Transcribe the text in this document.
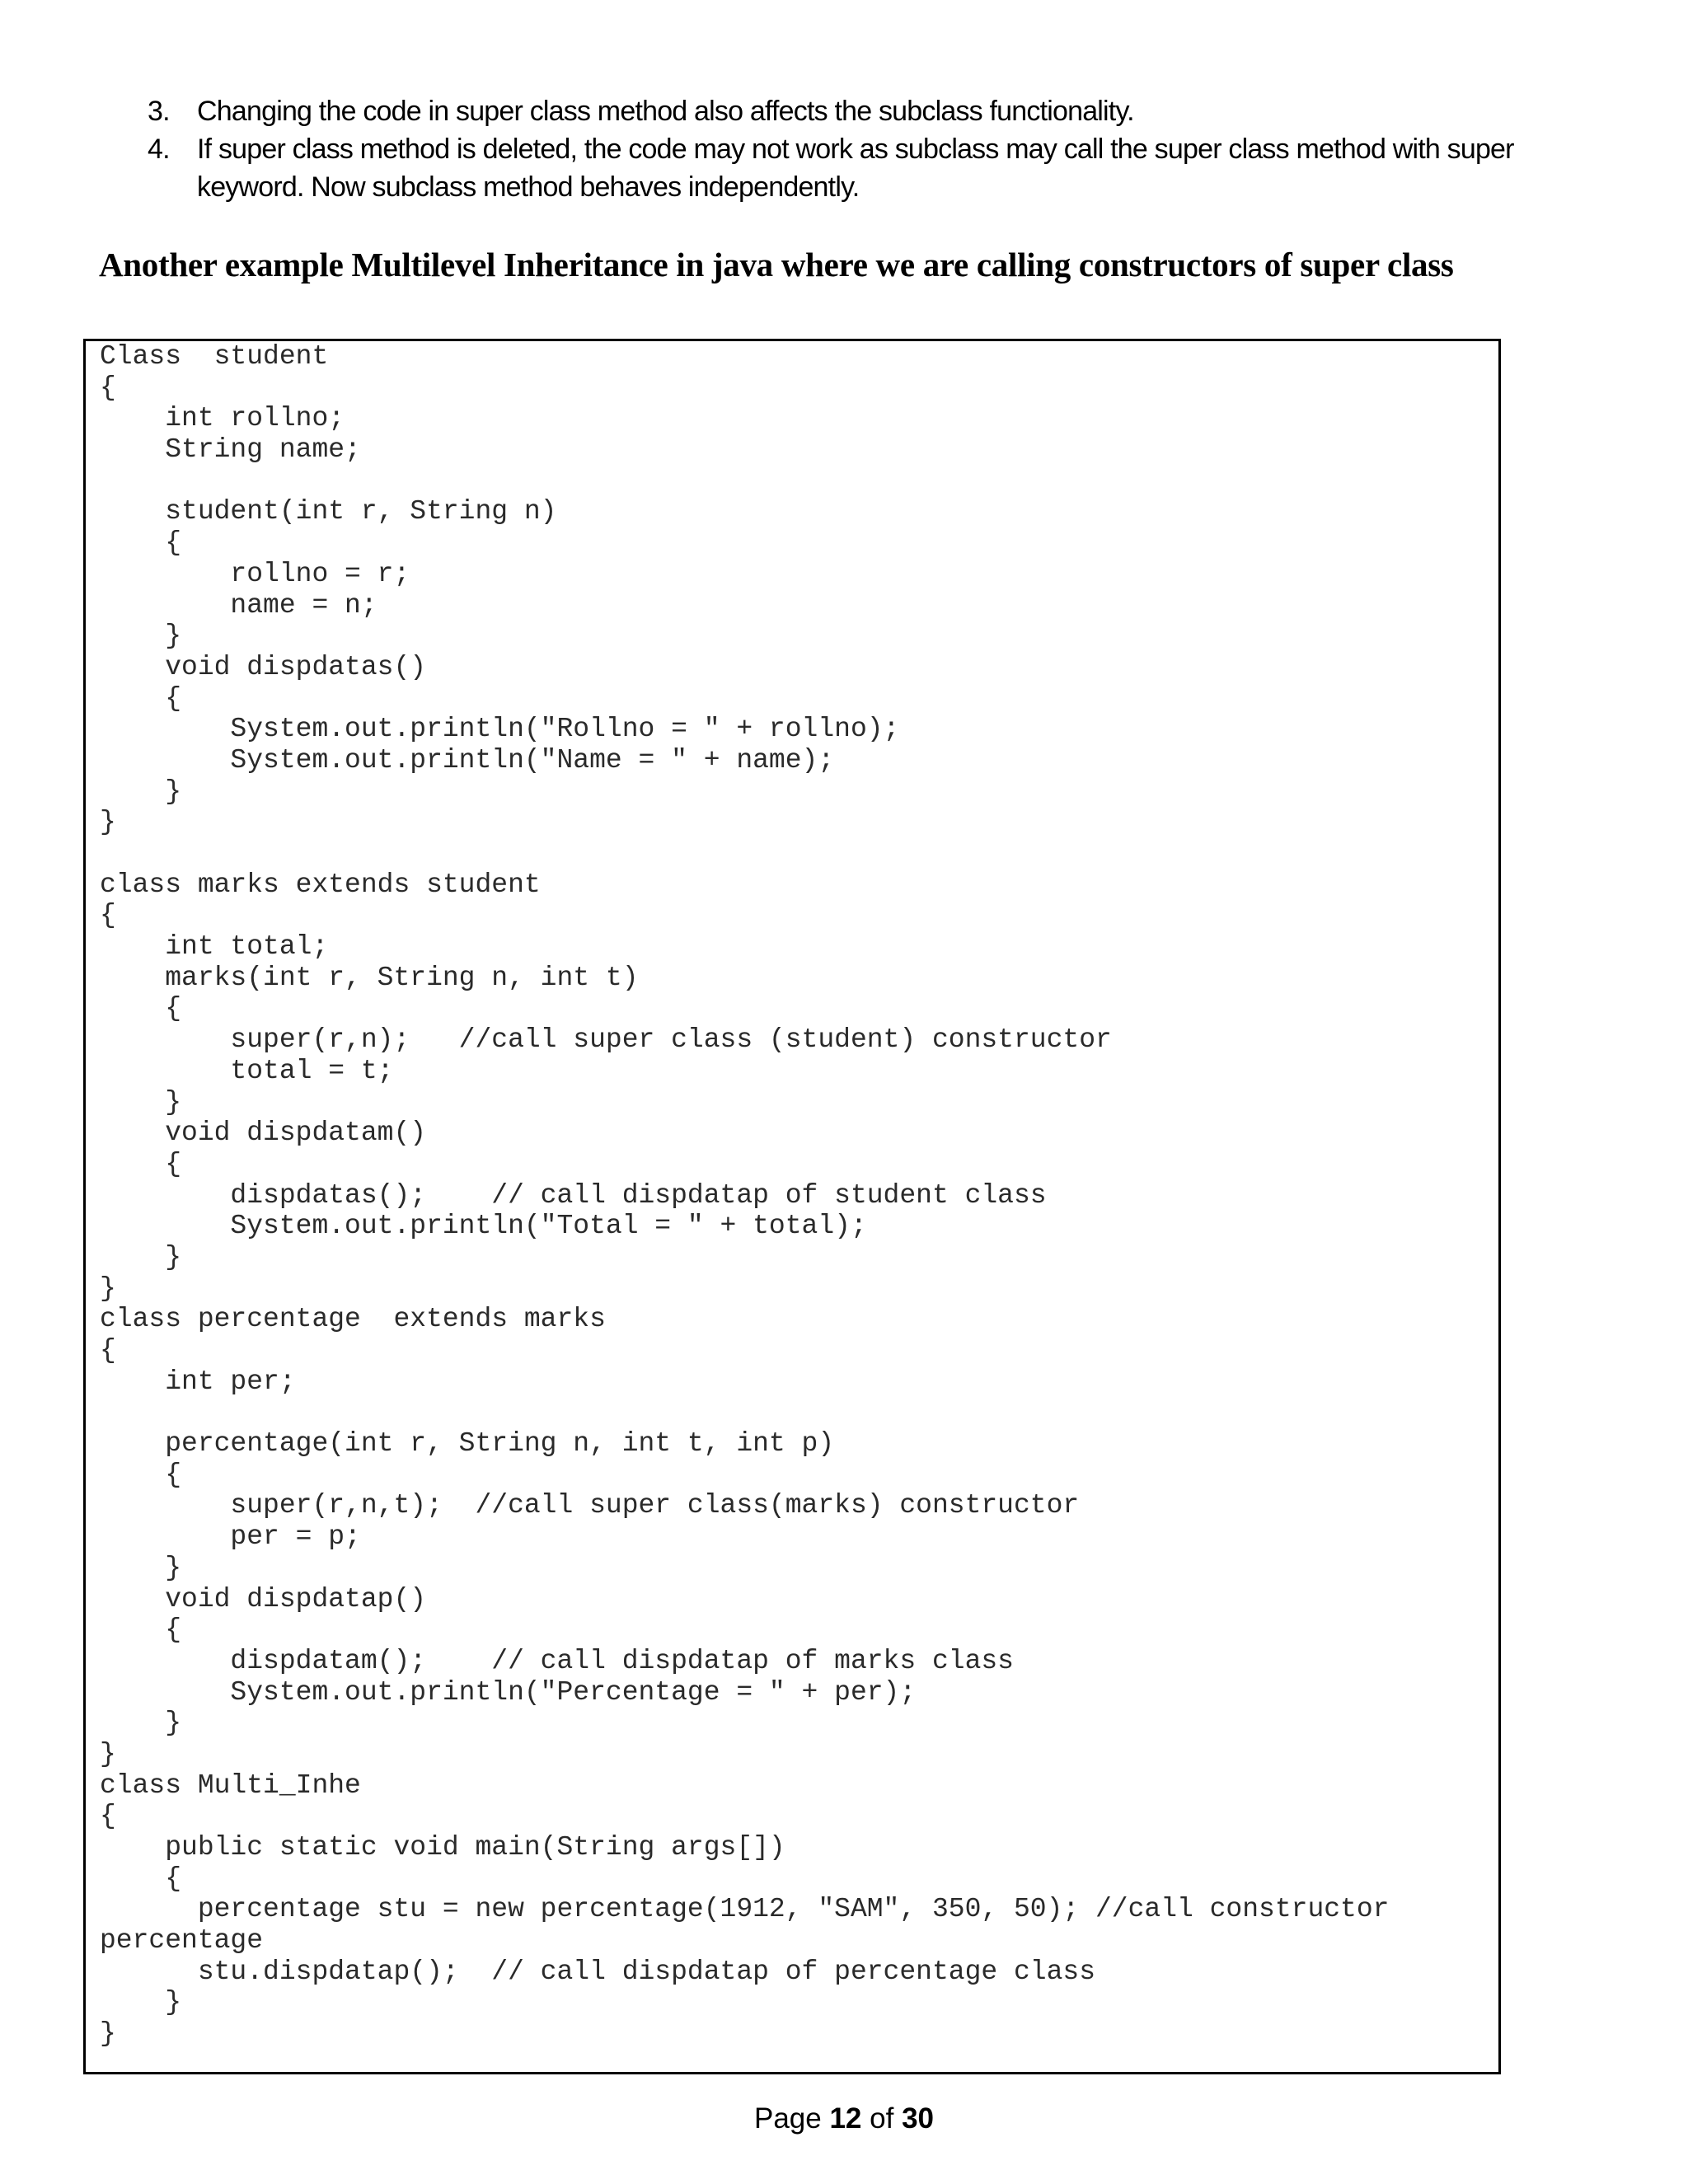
3. Changing the code in super class method also affects the subclass functionality.
4. If super class method is deleted, the code may not work as subclass may call the super class method with super keyword. Now subclass method behaves independently.
Another example Multilevel Inheritance in java where we are calling constructors of super class
Class  student
{
int rollno;
String name;
student(int r, String n)
{
rollno = r;
name = n;
}
void dispdatas()
{
System.out.println("Rollno = " + rollno);
System.out.println("Name = " + name);
}
}
class marks extends student
{
int total;
marks(int r, String n, int t)
{
super(r,n);   //call super class (student) constructor
total = t;
}
void dispdatam()
{
dispdatas();    // call dispdatap of student class
System.out.println("Total = " + total);
}
}
class percentage  extends marks
{
int per;
percentage(int r, String n, int t, int p)
{
super(r,n,t);  //call super class(marks) constructor
per = p;
}
void dispdatap()
{
dispdatam();    // call dispdatap of marks class
System.out.println("Percentage = " + per);
}
}
class Multi_Inhe
{
public static void main(String args[])
{
percentage stu = new percentage(1912, "SAM", 350, 50); //call constructor
percentage
stu.dispdatap();  // call dispdatap of percentage class
}
}
Page 12 of 30
